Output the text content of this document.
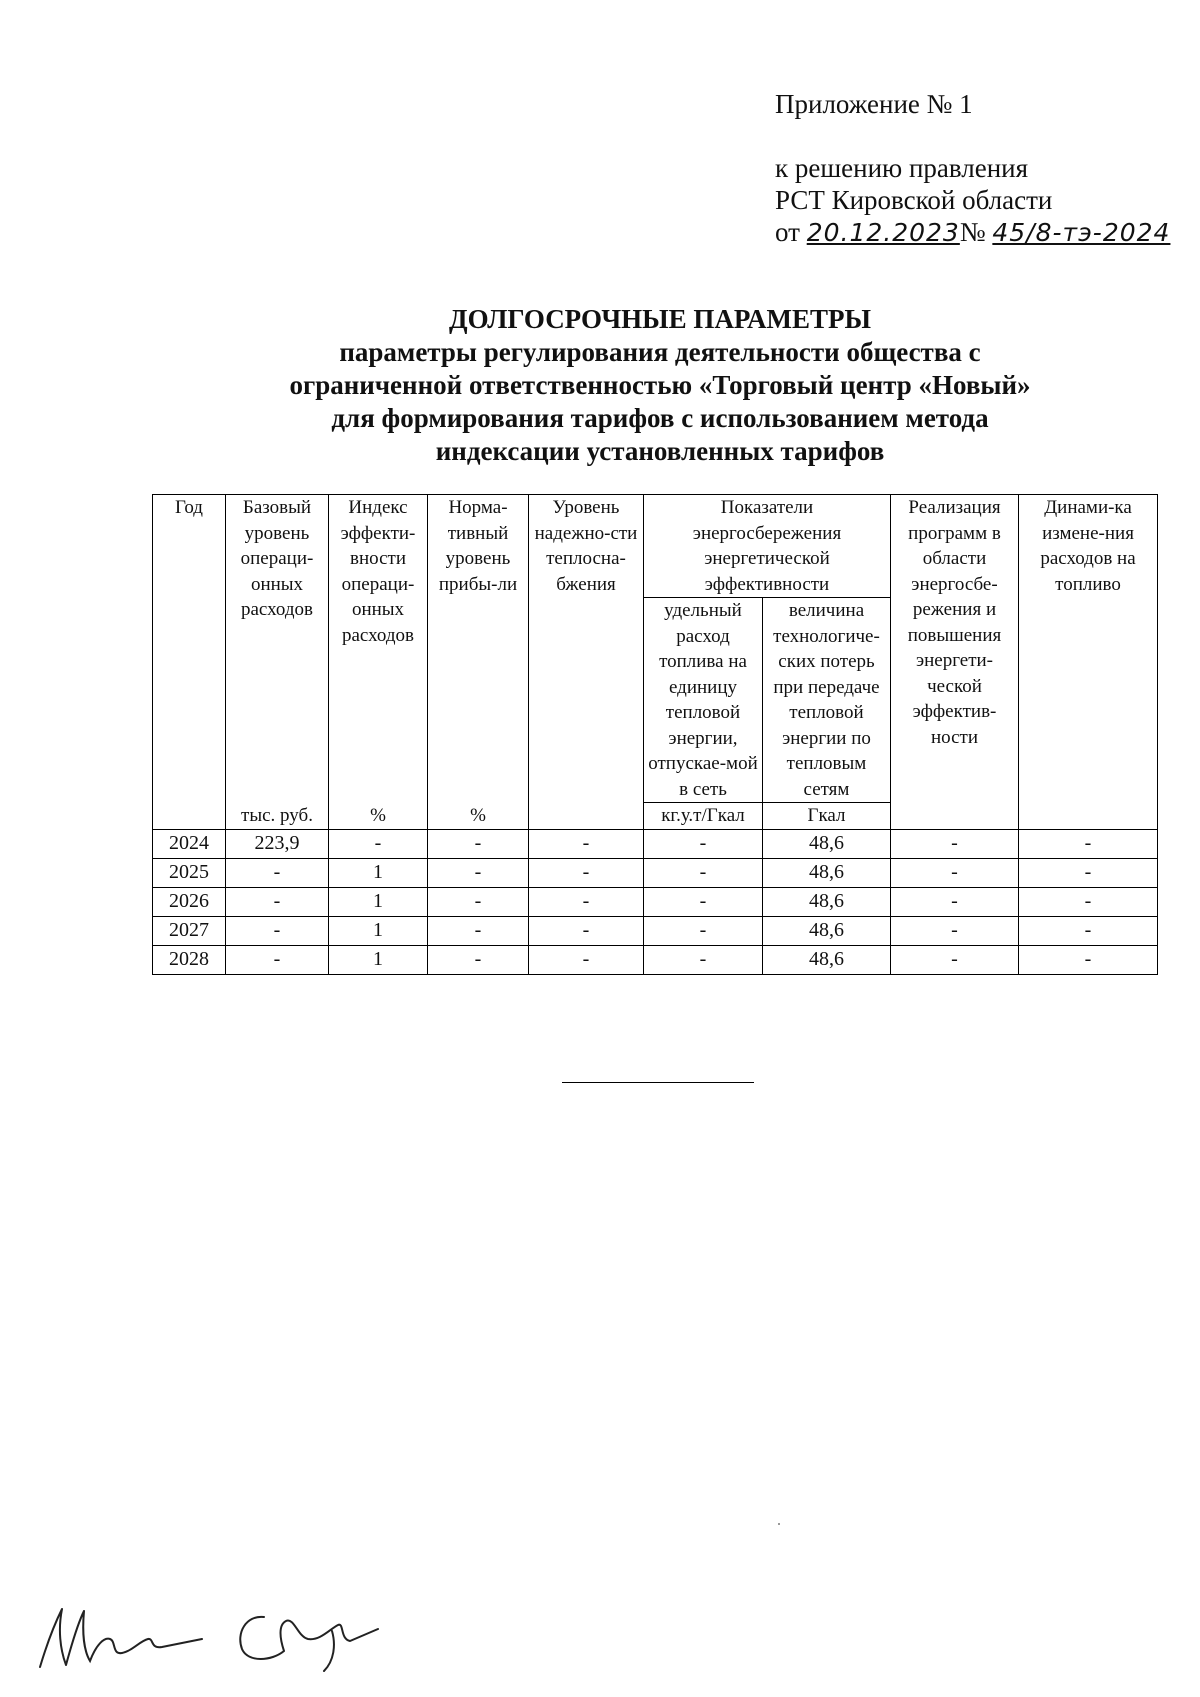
Приложение № 1
к решению правления
РСТ Кировской области
от 20.12.2023№ 45/8-тэ-2024
ДОЛГОСРОЧНЫЕ ПАРАМЕТРЫ
параметры регулирования деятельности общества с
ограниченной ответственностью «Торговый центр «Новый»
для формирования тарифов с использованием метода
индексации установленных тарифов
Год	Базовый уровень операци-онных расходов	Индекс эффекти-вности операци-онных расходов	Норма-тивный уровень прибы-ли	Уровень надежно-сти теплосна-бжения	Показатели энергосбережения энергетической эффективности		Реализация программ в области энергосбе-режения и повышения энергети-ческой эффектив-ности	Динами-ка измене-ния расходов на топливо
					удельный расход топлива на единицу тепловой энергии, отпускае-мой в сеть	величина технологиче-ских потерь при передаче тепловой энергии по тепловым сетям		
	тыс. руб.	%	%		кг.у.т/Гкал	Гкал		
2024	223,9	-	-	-	-	48,6	-	-
2025	-	1	-	-	-	48,6	-	-
2026	-	1	-	-	-	48,6	-	-
2027	-	1	-	-	-	48,6	-	-
2028	-	1	-	-	-	48,6	-	-
